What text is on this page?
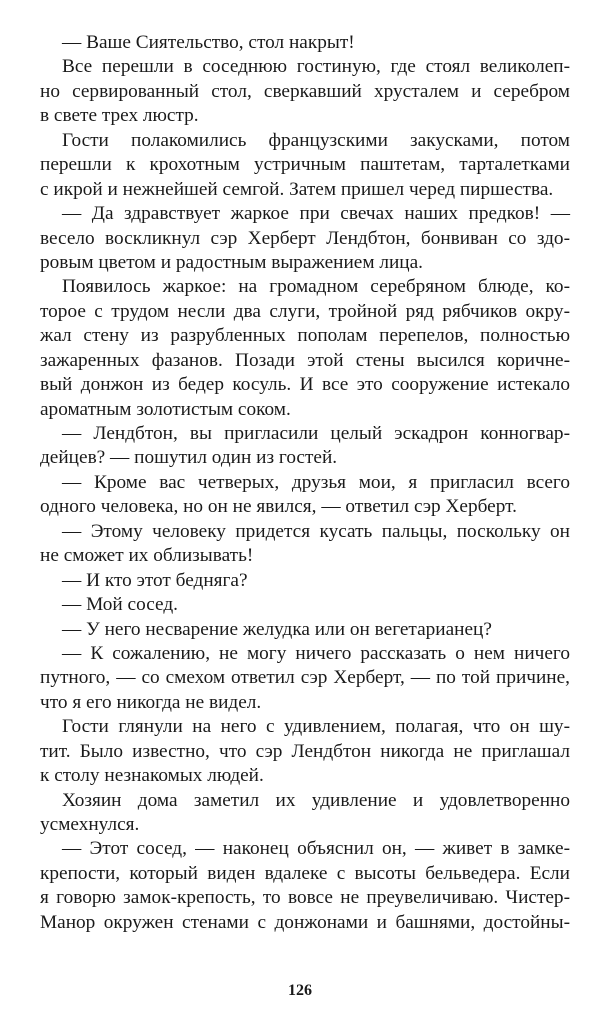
— Ваше Сиятельство, стол накрыт!
Все перешли в соседнюю гостиную, где стоял великолеп-
но сервированный стол, сверкавший хрусталем и серебром
в свете трех люстр.
Гости полакомились французскими закусками, потом
перешли к крохотным устричным паштетам, тарталетками
с икрой и нежнейшей семгой. Затем пришел черед пиршества.
— Да здравствует жаркое при свечах наших предков! —
весело воскликнул сэр Херберт Лендбтон, бонвиван со здо-
ровым цветом и радостным выражением лица.
Появилось жаркое: на громадном серебряном блюде, ко-
торое с трудом несли два слуги, тройной ряд рябчиков окру-
жал стену из разрубленных пополам перепелов, полностью
зажаренных фазанов. Позади этой стены высился коричне-
вый донжон из бедер косуль. И все это сооружение истекало
ароматным золотистым соком.
— Лендбтон, вы пригласили целый эскадрон конногвар-
дейцев? — пошутил один из гостей.
— Кроме вас четверых, друзья мои, я пригласил всего
одного человека, но он не явился, — ответил сэр Херберт.
— Этому человеку придется кусать пальцы, поскольку он
не сможет их облизывать!
— И кто этот бедняга?
— Мой сосед.
— У него несварение желудка или он вегетарианец?
— К сожалению, не могу ничего рассказать о нем ничего
путного, — со смехом ответил сэр Херберт, — по той причине,
что я его никогда не видел.
Гости глянули на него с удивлением, полагая, что он шу-
тит. Было известно, что сэр Лендбтон никогда не приглашал
к столу незнакомых людей.
Хозяин дома заметил их удивление и удовлетворенно
усмехнулся.
— Этот сосед, — наконец объяснил он, — живет в замке-
крепости, который виден вдалеке с высоты бельведера. Если
я говорю замок-крепость, то вовсе не преувеличиваю. Чистер-
Манор окружен стенами с донжонами и башнями, достойны-
126
